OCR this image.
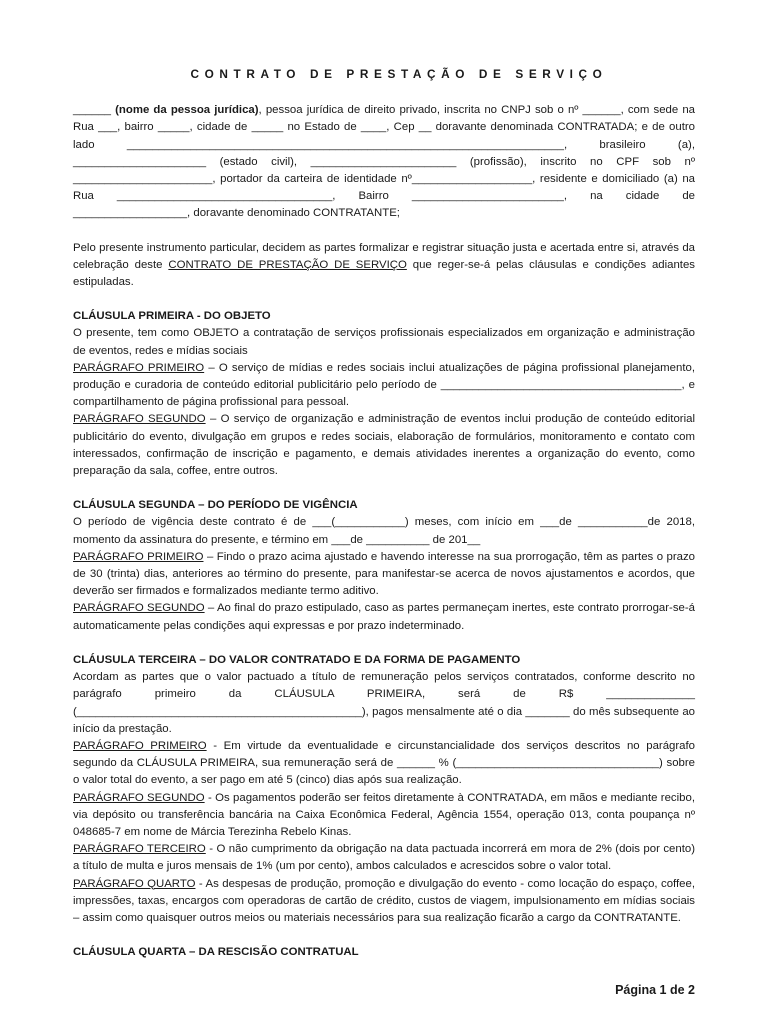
CONTRATO DE PRESTAÇÃO DE SERVIÇO

______ (nome da pessoa jurídica), pessoa jurídica de direito privado, inscrita no CNPJ sob o nº ______, com sede na Rua ___, bairro _____, cidade de _____ no Estado de ____, Cep __ doravante denominada CONTRATADA; e de outro lado _____________________________________________________________________, brasileiro (a), _____________________ (estado civil), _______________________ (profissão), inscrito no CPF sob nº ______________________, portador da carteira de identidade nº___________________, residente e domiciliado (a) na Rua __________________________________, Bairro ________________________, na cidade de __________________, doravante denominado CONTRATANTE;

Pelo presente instrumento particular, decidem as partes formalizar e registrar situação justa e acertada entre si, através da celebração deste CONTRATO DE PRESTAÇÃO DE SERVIÇO que reger-se-á pelas cláusulas e condições adiantes estipuladas.

CLÁUSULA PRIMEIRA - DO OBJETO

O presente, tem como OBJETO a contratação de serviços profissionais especializados em organização e administração de eventos, redes e mídias sociais

PARÁGRAFO PRIMEIRO – O serviço de mídias e redes sociais inclui atualizações de página profissional planejamento, produção e curadoria de conteúdo editorial publicitário pelo período de ______________________________________, e compartilhamento de página profissional para pessoal.

PARÁGRAFO SEGUNDO – O serviço de organização e administração de eventos inclui produção de conteúdo editorial publicitário do evento, divulgação em grupos e redes sociais, elaboração de formulários, monitoramento e contato com interessados, confirmação de inscrição e pagamento, e demais atividades inerentes a organização do evento, como preparação da sala, coffee, entre outros.

CLÁUSULA SEGUNDA – DO PERÍODO DE VIGÊNCIA

O período de vigência deste contrato é de ___(___________) meses, com início em ___de ___________de 2018, momento da assinatura do presente, e término em ___de __________ de 201__

PARÁGRAFO PRIMEIRO – Findo o prazo acima ajustado e havendo interesse na sua prorrogação, têm as partes o prazo de 30 (trinta) dias, anteriores ao término do presente, para manifestar-se acerca de novos ajustamentos e acordos, que deverão ser firmados e formalizados mediante termo aditivo.

PARÁGRAFO SEGUNDO – Ao final do prazo estipulado, caso as partes permaneçam inertes, este contrato prorrogar-se-á automaticamente pelas condições aqui expressas e por prazo indeterminado.

CLÁUSULA TERCEIRA – DO VALOR CONTRATADO E DA FORMA DE PAGAMENTO

Acordam as partes que o valor pactuado a título de remuneração pelos serviços contratados, conforme descrito no parágrafo primeiro da CLÁUSULA PRIMEIRA, será de R$ ______________ (_____________________________________________), pagos mensalmente até o dia _______ do mês subsequente ao início da prestação.

PARÁGRAFO PRIMEIRO - Em virtude da eventualidade e circunstancialidade dos serviços descritos no parágrafo segundo da CLÁUSULA PRIMEIRA, sua remuneração será de ______ % (________________________________) sobre o valor total do evento, a ser pago em até 5 (cinco) dias após sua realização.

PARÁGRAFO SEGUNDO - Os pagamentos poderão ser feitos diretamente à CONTRATADA, em mãos e mediante recibo, via depósito ou transferência bancária na Caixa Econômica Federal, Agência 1554, operação 013, conta poupança nº 048685-7 em nome de Márcia Terezinha Rebelo Kinas.

PARÁGRAFO TERCEIRO - O não cumprimento da obrigação na data pactuada incorrerá em mora de 2% (dois por cento) a título de multa e juros mensais de 1% (um por cento), ambos calculados e acrescidos sobre o valor total.

PARÁGRAFO QUARTO - As despesas de produção, promoção e divulgação do evento - como locação do espaço, coffee, impressões, taxas, encargos com operadoras de cartão de crédito, custos de viagem, impulsionamento em mídias sociais – assim como quaisquer outros meios ou materiais necessários para sua realização ficarão a cargo da CONTRATANTE.

CLÁUSULA QUARTA – DA RESCISÃO CONTRATUAL

Página 1 de 2
